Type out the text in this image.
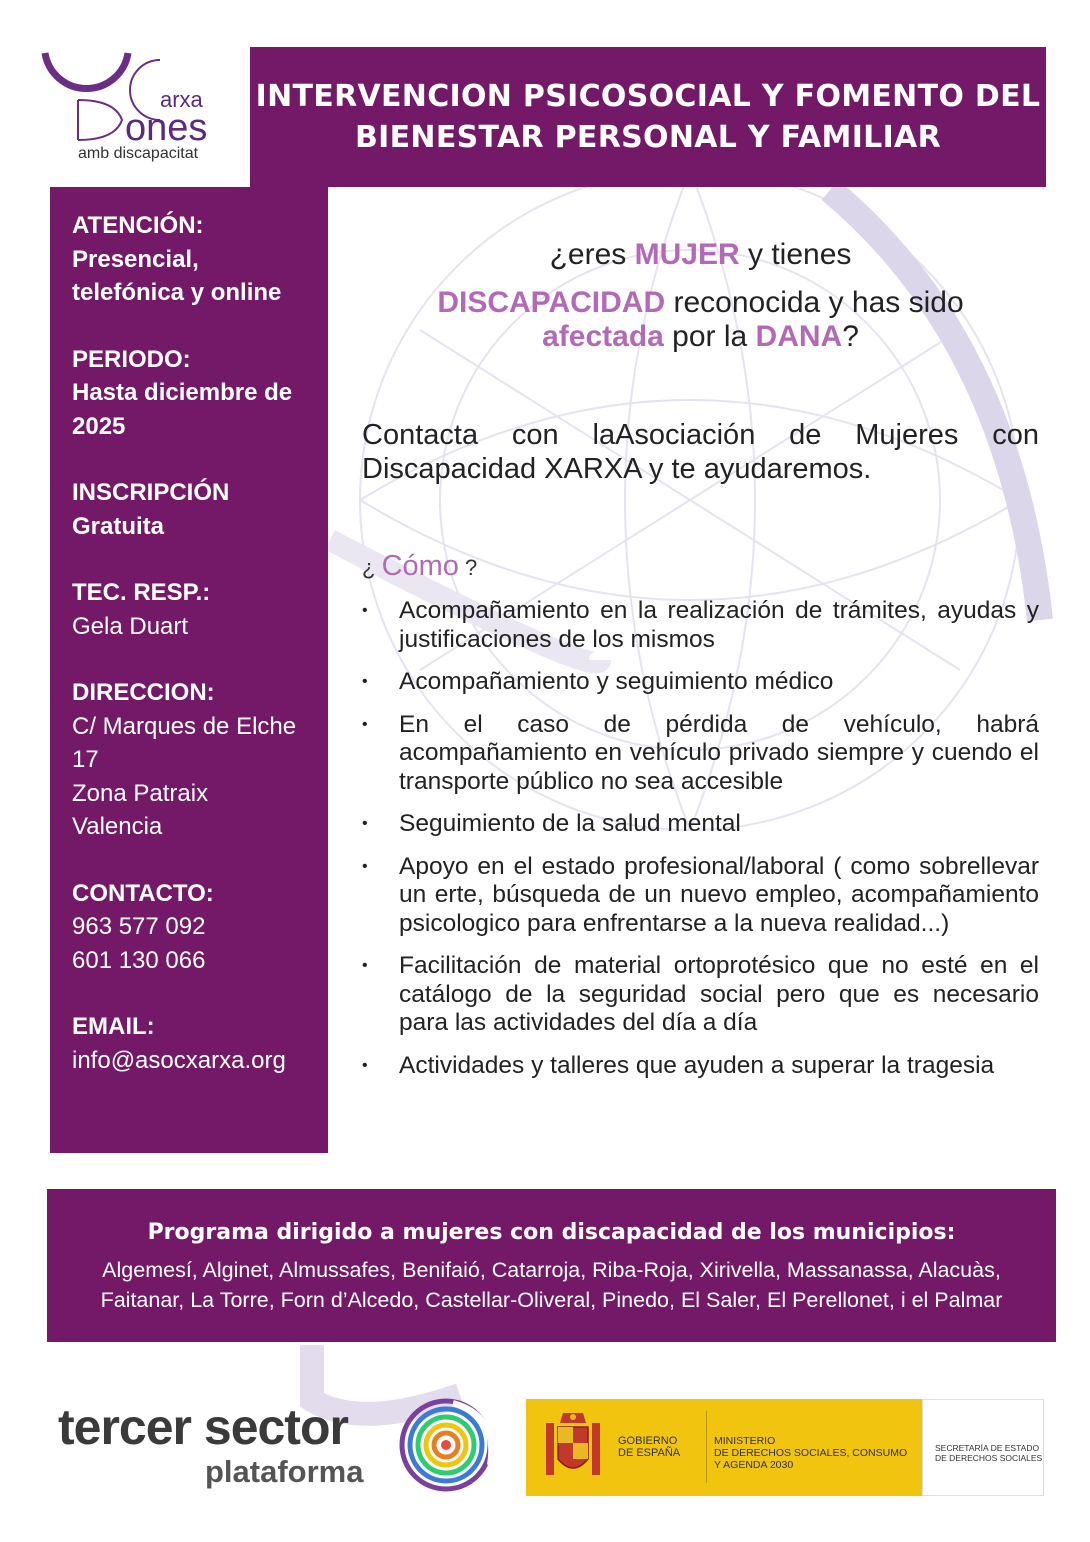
arxa
ones
amb discapacitat
INTERVENCION PSICOSOCIAL Y FOMENTO DEL
BIENESTAR PERSONAL Y FAMILIAR
ATENCIÓN:
Presencial,
telefónica y online
PERIODO:
Hasta diciembre de
2025
INSCRIPCIÓN
Gratuita
TEC. RESP.:
Gela Duart
DIRECCION:
C/ Marques de Elche
17
Zona Patraix
Valencia
CONTACTO:
963 577 092
601 130 066
EMAIL:
info@asocxarxa.org
¿eres MUJER y tienes
DISCAPACIDAD reconocida y has sido
afectada por la DANA?
Contacta con laAsociación de Mujeres con Discapacidad XARXA y te ayudaremos.
¿ Cómo ?
• Acompañamiento en la realización de trámites, ayudas y justificaciones de los mismos
• Acompañamiento y seguimiento médico
• En el caso de pérdida de vehículo, habrá acompañamiento en vehículo privado siempre y cuendo el transporte público no sea accesible
• Seguimiento de la salud mental
• Apoyo en el estado profesional/laboral ( como sobrellevar un erte, búsqueda de un nuevo empleo, acompañamiento psicologico para enfrentarse a la nueva realidad...)
• Facilitación de material ortoprotésico que no esté en el catálogo de la seguridad social pero que es necesario para las actividades del día a día
• Actividades y talleres que ayuden a superar la tragesia
Programa dirigido a mujeres con discapacidad de los municipios:
Algemesí, Alginet, Almussafes, Benifaió, Catarroja, Riba-Roja, Xirivella, Massanassa, Alacuàs,
Faitanar, La Torre, Forn d’Alcedo, Castellar-Oliveral, Pinedo, El Saler, El Perellonet, i el Palmar
tercer sector
plataforma
GOBIERNO
DE ESPAÑA
MINISTERIO
DE DERECHOS SOCIALES, CONSUMO
Y AGENDA 2030
SECRETARÍA DE ESTADO
DE DERECHOS SOCIALES
